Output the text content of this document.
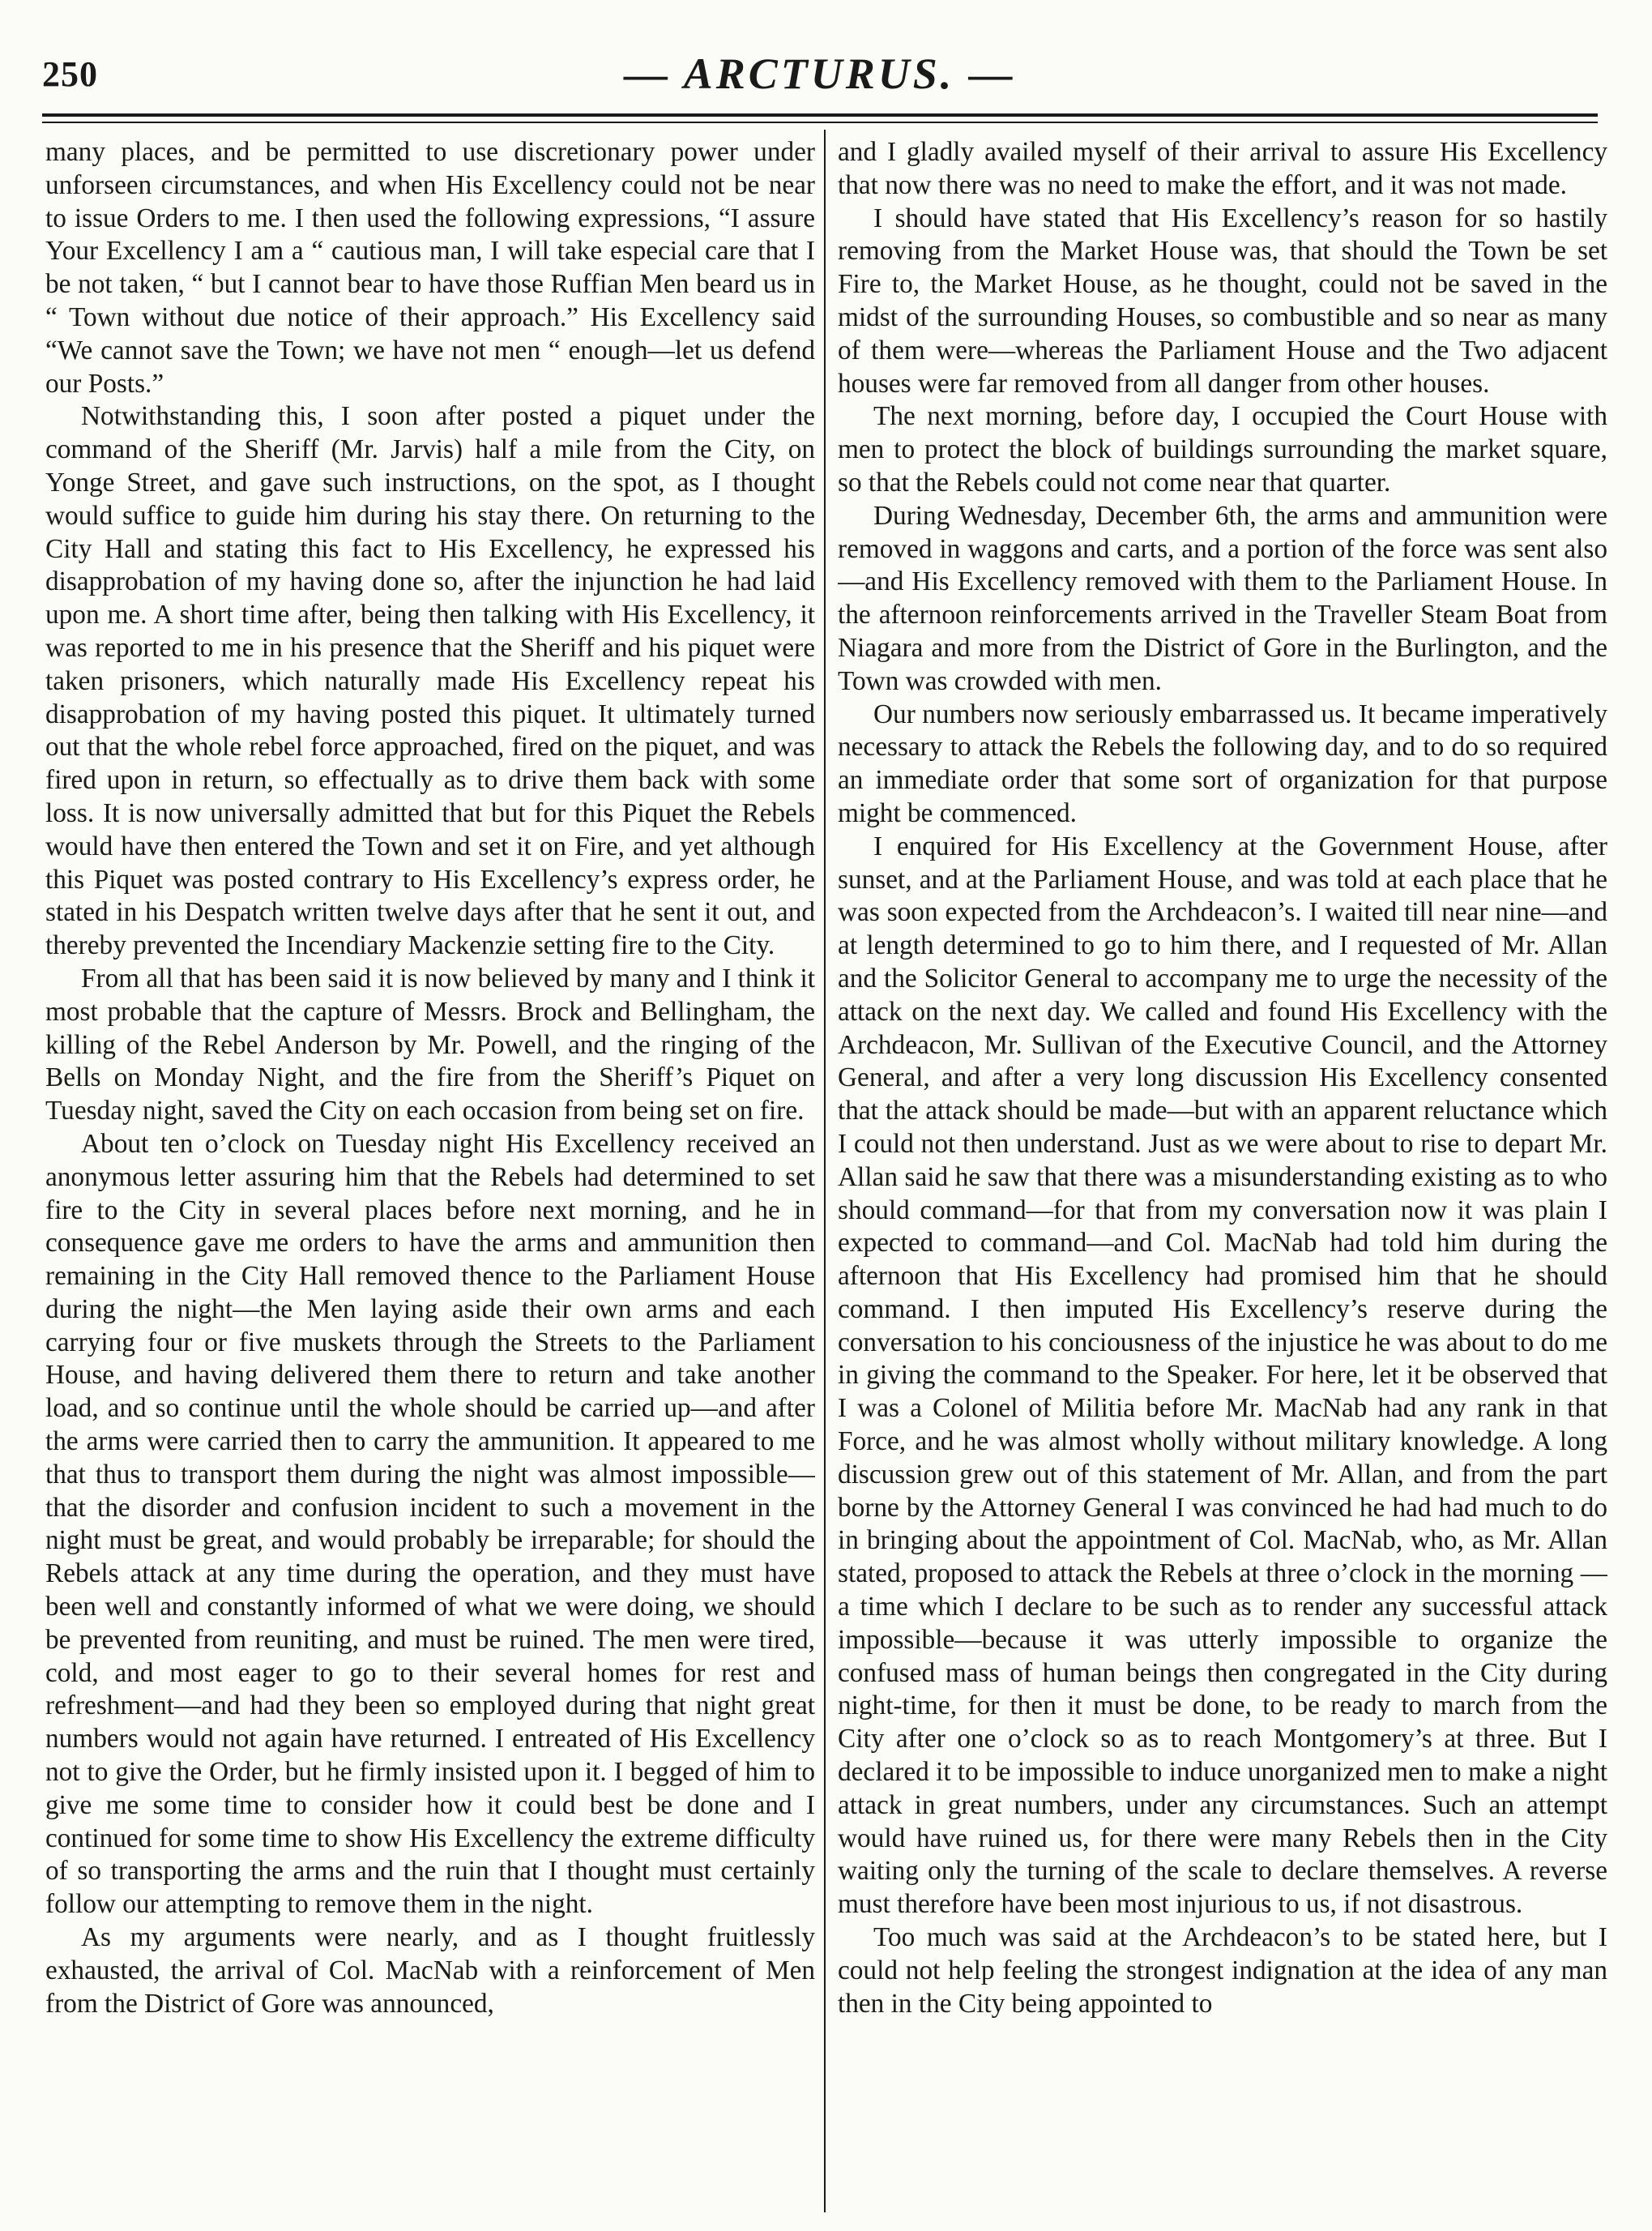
250	— ARCTURUS. —

many places, and be permitted to use discretionary power under unforseen circumstances, and when His Excellency could not be near to issue Orders to me. I then used the following expressions, “I assure Your Excellency I am a “ cautious man, I will take especial care that I be not taken, “ but I cannot bear to have those Ruffian Men beard us in “ Town without due notice of their approach.” His Excellency said “We cannot save the Town; we have not men “ enough—let us defend our Posts.”

Notwithstanding this, I soon after posted a piquet under the command of the Sheriff (Mr. Jarvis) half a mile from the City, on Yonge Street, and gave such instructions, on the spot, as I thought would suffice to guide him during his stay there. On returning to the City Hall and stating this fact to His Excellency, he expressed his disapprobation of my having done so, after the injunction he had laid upon me. A short time after, being then talking with His Excellency, it was reported to me in his presence that the Sheriff and his piquet were taken prisoners, which naturally made His Excellency repeat his disapprobation of my having posted this piquet. It ultimately turned out that the whole rebel force approached, fired on the piquet, and was fired upon in return, so effectually as to drive them back with some loss. It is now universally admitted that but for this Piquet the Rebels would have then entered the Town and set it on Fire, and yet although this Piquet was posted contrary to His Excellency’s express order, he stated in his Despatch written twelve days after that he sent it out, and thereby prevented the Incendiary Mackenzie setting fire to the City.

From all that has been said it is now believed by many and I think it most probable that the capture of Messrs. Brock and Bellingham, the killing of the Rebel Anderson by Mr. Powell, and the ringing of the Bells on Monday Night, and the fire from the Sheriff’s Piquet on Tuesday night, saved the City on each occasion from being set on fire.

About ten o’clock on Tuesday night His Excellency received an anonymous letter assuring him that the Rebels had determined to set fire to the City in several places before next morning, and he in consequence gave me orders to have the arms and ammunition then remaining in the City Hall removed thence to the Parliament House during the night—the Men laying aside their own arms and each carrying four or five muskets through the Streets to the Parliament House, and having delivered them there to return and take another load, and so continue until the whole should be carried up—and after the arms were carried then to carry the ammunition. It appeared to me that thus to transport them during the night was almost impossible—that the disorder and confusion incident to such a movement in the night must be great, and would probably be irreparable; for should the Rebels attack at any time during the operation, and they must have been well and constantly informed of what we were doing, we should be prevented from reuniting, and must be ruined. The men were tired, cold, and most eager to go to their several homes for rest and refreshment—and had they been so employed during that night great numbers would not again have returned. I entreated of His Excellency not to give the Order, but he firmly insisted upon it. I begged of him to give me some time to consider how it could best be done and I continued for some time to show His Excellency the extreme difficulty of so transporting the arms and the ruin that I thought must certainly follow our attempting to remove them in the night.

As my arguments were nearly, and as I thought fruitlessly exhausted, the arrival of Col. MacNab with a reinforcement of Men from the District of Gore was announced,

and I gladly availed myself of their arrival to assure His Excellency that now there was no need to make the effort, and it was not made.

I should have stated that His Excellency’s reason for so hastily removing from the Market House was, that should the Town be set Fire to, the Market House, as he thought, could not be saved in the midst of the surrounding Houses, so combustible and so near as many of them were—whereas the Parliament House and the Two adjacent houses were far removed from all danger from other houses.

The next morning, before day, I occupied the Court House with men to protect the block of buildings surrounding the market square, so that the Rebels could not come near that quarter.

During Wednesday, December 6th, the arms and ammunition were removed in waggons and carts, and a portion of the force was sent also—and His Excellency removed with them to the Parliament House. In the afternoon reinforcements arrived in the Traveller Steam Boat from Niagara and more from the District of Gore in the Burlington, and the Town was crowded with men.

Our numbers now seriously embarrassed us. It became imperatively necessary to attack the Rebels the following day, and to do so required an immediate order that some sort of organization for that purpose might be commenced.

I enquired for His Excellency at the Government House, after sunset, and at the Parliament House, and was told at each place that he was soon expected from the Archdeacon’s. I waited till near nine—and at length determined to go to him there, and I requested of Mr. Allan and the Solicitor General to accompany me to urge the necessity of the attack on the next day. We called and found His Excellency with the Archdeacon, Mr. Sullivan of the Executive Council, and the Attorney General, and after a very long discussion His Excellency consented that the attack should be made—but with an apparent reluctance which I could not then understand. Just as we were about to rise to depart Mr. Allan said he saw that there was a misunderstanding existing as to who should command—for that from my conversation now it was plain I expected to command—and Col. MacNab had told him during the afternoon that His Excellency had promised him that he should command. I then imputed His Excellency’s reserve during the conversation to his conciousness of the injustice he was about to do me in giving the command to the Speaker. For here, let it be observed that I was a Colonel of Militia before Mr. MacNab had any rank in that Force, and he was almost wholly without military knowledge. A long discussion grew out of this statement of Mr. Allan, and from the part borne by the Attorney General I was convinced he had had much to do in bringing about the appointment of Col. MacNab, who, as Mr. Allan stated, proposed to attack the Rebels at three o’clock in the morning —a time which I declare to be such as to render any successful attack impossible—because it was utterly impossible to organize the confused mass of human beings then congregated in the City during night-time, for then it must be done, to be ready to march from the City after one o’clock so as to reach Montgomery’s at three. But I declared it to be impossible to induce unorganized men to make a night attack in great numbers, under any circumstances. Such an attempt would have ruined us, for there were many Rebels then in the City waiting only the turning of the scale to declare themselves. A reverse must therefore have been most injurious to us, if not disastrous.

Too much was said at the Archdeacon’s to be stated here, but I could not help feeling the strongest indignation at the idea of any man then in the City being appointed to
